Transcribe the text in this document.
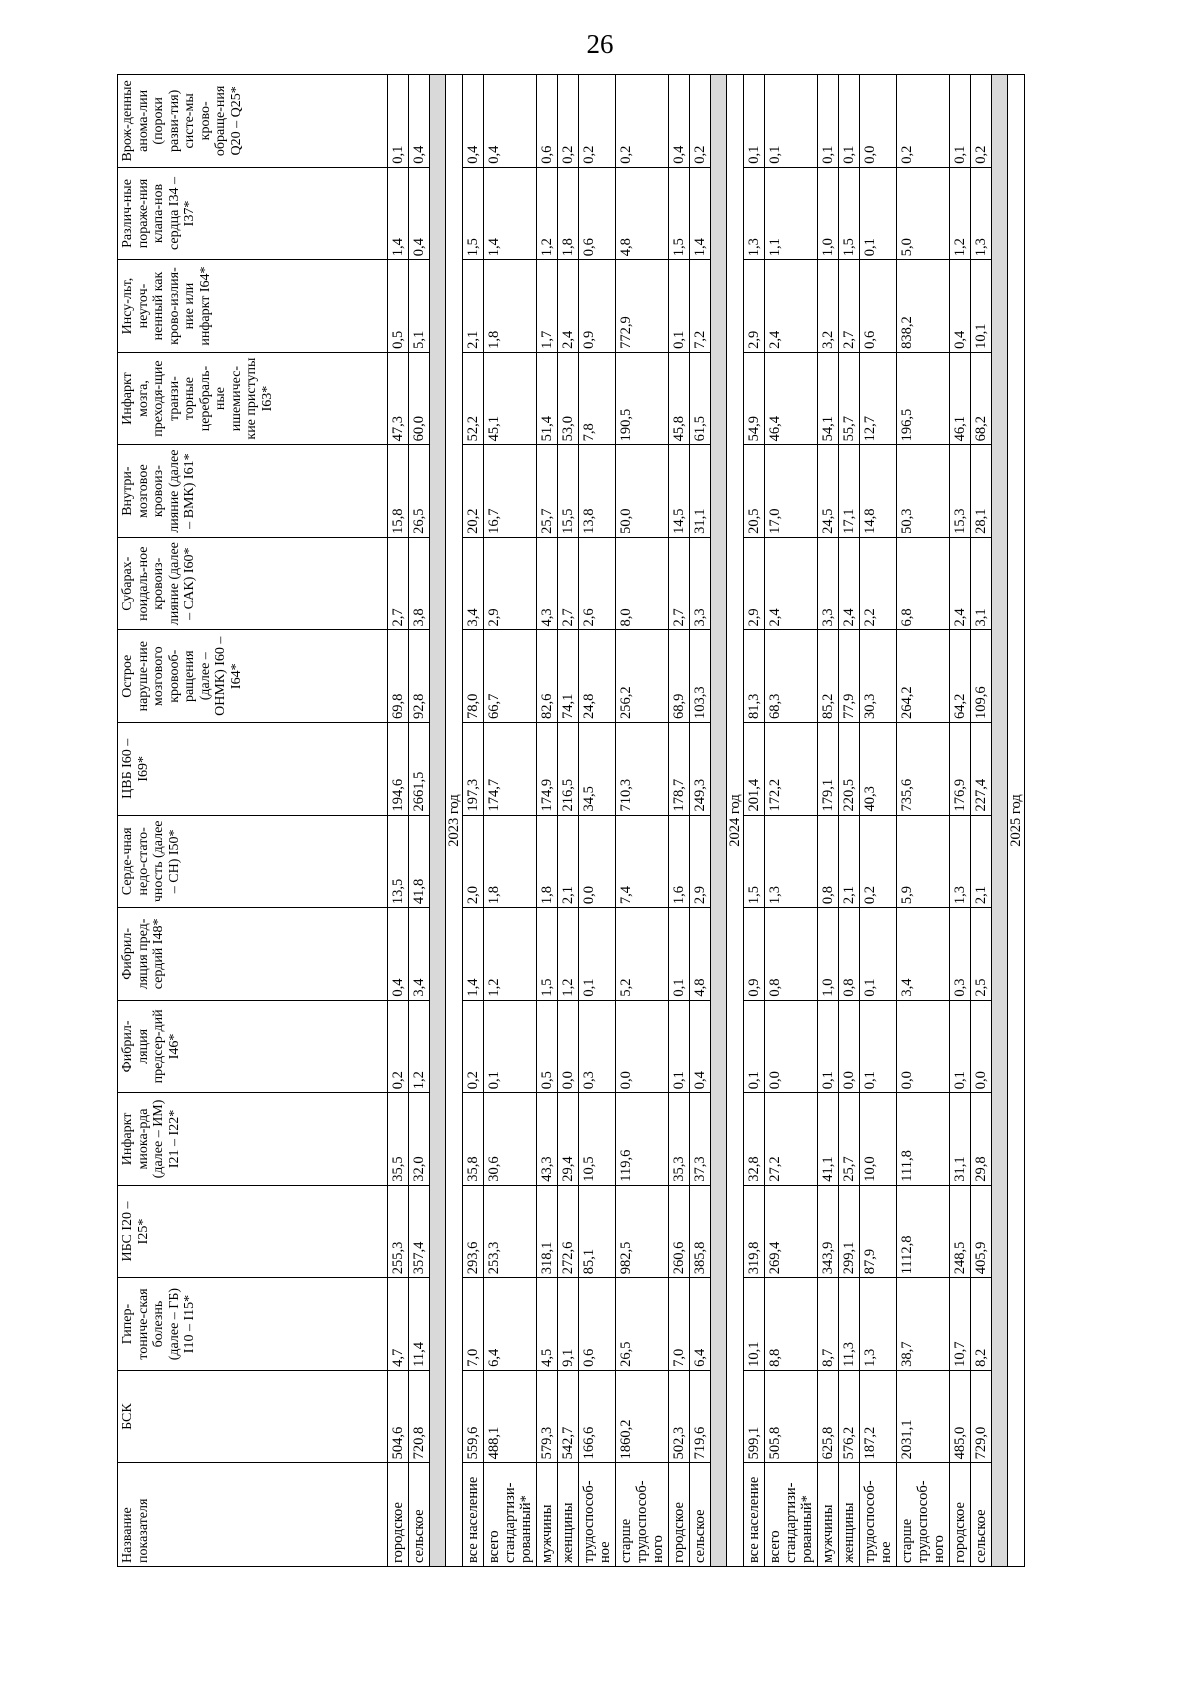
26
Название показателя	БСК	Гипер-тониче-ская болезнь (далее – ГБ) I10 – I15*	ИБС I20 – I25*	Инфаркт миока-рда (далее – ИМ) I21 – I22*	Фибрил-ляция предсер-дий I46*	Фибрил-ляция пред-сердий I48*	Серде-чная недо-стато-чность (далее – СН) I50*	ЦВБ I60 – I69*	Острое наруше-ние мозгового кровооб-ращения (далее – ОНМК) I60 – I64*	Субарах-ноидаль-ное кровоиз-лияние (далее – САК) I60*	Внутри-мозговое кровоиз-лияние (далее – ВМК) I61*	Инфаркт мозга, преходя-щие транзи-торные церебраль-ные ишемичес-кие приступы I63*	Инсу-льт, неуточ-ненный как крово-излия-ние или инфаркт I64*	Различ-ные пораже-ния клапа-нов сердца I34 – I37*	Врож-денные анома-лии (пороки разви-тия) систе-мы крово-обраще-ния Q20 – Q25*
городское	504,6	4,7	255,3	35,5	0,2	0,4	13,5	194,6	69,8	2,7	15,8	47,3	0,5	1,4	0,1
сельское	720,8	11,4	357,4	32,0	1,2	3,4	41,8	2661,5	92,8	3,8	26,5	60,0	5,1	0,4	0,4

2023 год															
все население	559,6	7,0	293,6	35,8	0,2	1,4	2,0	197,3	78,0	3,4	20,2	52,2	2,1	1,5	0,4
всего стандартизи-рованный*	488,1	6,4	253,3	30,6	0,1	1,2	1,8	174,7	66,7	2,9	16,7	45,1	1,8	1,4	0,4
мужчины	579,3	4,5	318,1	43,3	0,5	1,5	1,8	174,9	82,6	4,3	25,7	51,4	1,7	1,2	0,6
женщины	542,7	9,1	272,6	29,4	0,0	1,2	2,1	216,5	74,1	2,7	15,5	53,0	2,4	1,8	0,2
трудоспособ-ное	166,6	0,6	85,1	10,5	0,3	0,1	0,0	34,5	24,8	2,6	13,8	7,8	0,9	0,6	0,2
старше трудоспособ-ного	1860,2	26,5	982,5	119,6	0,0	5,2	7,4	710,3	256,2	8,0	50,0	190,5	772,9	4,8	0,2
городское	502,3	7,0	260,6	35,3	0,1	0,1	1,6	178,7	68,9	2,7	14,5	45,8	0,1	1,5	0,4
сельское	719,6	6,4	385,8	37,3	0,4	4,8	2,9	249,3	103,3	3,3	31,1	61,5	7,2	1,4	0,2

2024 год															
все население	599,1	10,1	319,8	32,8	0,1	0,9	1,5	201,4	81,3	2,9	20,5	54,9	2,9	1,3	0,1
всего стандартизи-рованный*	505,8	8,8	269,4	27,2	0,0	0,8	1,3	172,2	68,3	2,4	17,0	46,4	2,4	1,1	0,1
мужчины	625,8	8,7	343,9	41,1	0,1	1,0	0,8	179,1	85,2	3,3	24,5	54,1	3,2	1,0	0,1
женщины	576,2	11,3	299,1	25,7	0,0	0,8	2,1	220,5	77,9	2,4	17,1	55,7	2,7	1,5	0,1
трудоспособ-ное	187,2	1,3	87,9	10,0	0,1	0,1	0,2	40,3	30,3	2,2	14,8	12,7	0,6	0,1	0,0
старше трудоспособ-ного	2031,1	38,7	1112,8	111,8	0,0	3,4	5,9	735,6	264,2	6,8	50,3	196,5	838,2	5,0	0,2
городское	485,0	10,7	248,5	31,1	0,1	0,3	1,3	176,9	64,2	2,4	15,3	46,1	0,4	1,2	0,1
сельское	729,0	8,2	405,9	29,8	0,0	2,5	2,1	227,4	109,6	3,1	28,1	68,2	10,1	1,3	0,2

2025 год															
